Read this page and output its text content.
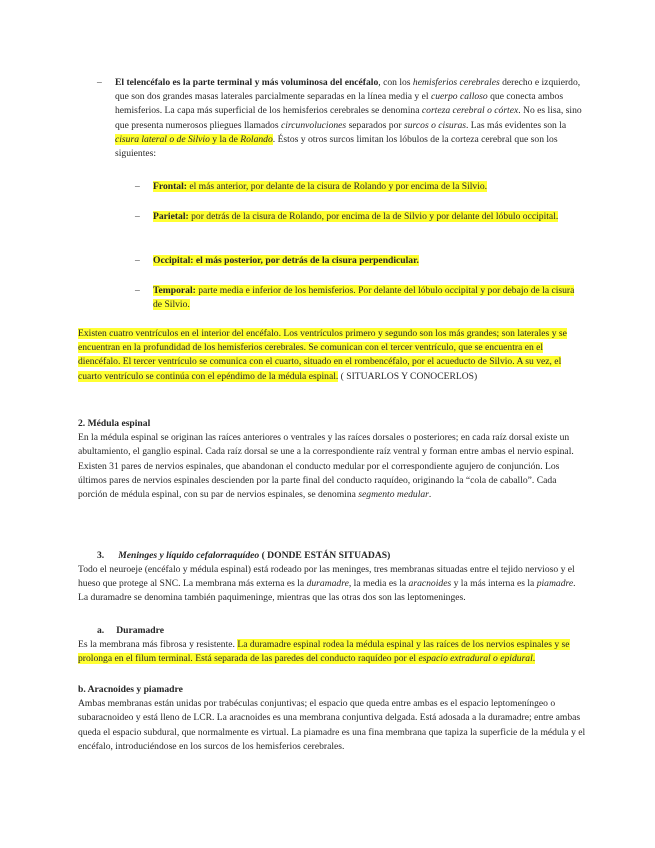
– El telencéfalo es la parte terminal y más voluminosa del encéfalo, con los hemisferios cerebrales derecho e izquierdo, que son dos grandes masas laterales parcialmente separadas en la línea media y el cuerpo calloso que conecta ambos hemisferios. La capa más superficial de los hemisferios cerebrales se denomina corteza cerebral o córtex. No es lisa, sino que presenta numerosos pliegues llamados circunvoluciones separados por surcos o cisuras. Las más evidentes son la cisura lateral o de Silvio y la de Rolando. Éstos y otros surcos limitan los lóbulos de la corteza cerebral que son los siguientes:

– Frontal: el más anterior, por delante de la cisura de Rolando y por encima de la Silvio.

– Parietal: por detrás de la cisura de Rolando, por encima de la de Silvio y por delante del lóbulo occipital.

– Occipital: el más posterior, por detrás de la cisura perpendicular.

– Temporal: parte media e inferior de los hemisferios. Por delante del lóbulo occipital y por debajo de la cisura de Silvio.

Existen cuatro ventrículos en el interior del encéfalo. Los ventrículos primero y segundo son los más grandes; son laterales y se encuentran en la profundidad de los hemisferios cerebrales. Se comunican con el tercer ventrículo, que se encuentra en el diencéfalo. El tercer ventrículo se comunica con el cuarto, situado en el rombencéfalo, por el acueducto de Silvio. A su vez, el cuarto ventrículo se continúa con el epéndimo de la médula espinal. ( SITUARLOS Y CONOCERLOS)

2. Médula espinal

En la médula espinal se originan las raíces anteriores o ventrales y las raíces dorsales o posteriores; en cada raíz dorsal existe un abultamiento, el ganglio espinal. Cada raíz dorsal se une a la correspondiente raíz ventral y forman entre ambas el nervio espinal. Existen 31 pares de nervios espinales, que abandonan el conducto medular por el correspondiente agujero de conjunción. Los últimos pares de nervios espinales descienden por la parte final del conducto raquídeo, originando la “cola de caballo”. Cada porción de médula espinal, con su par de nervios espinales, se denomina segmento medular.

3. Meninges y líquido cefalorraquídeo ( DONDE ESTÁN SITUADAS)

Todo el neuroeje (encéfalo y médula espinal) está rodeado por las meninges, tres membranas situadas entre el tejido nervioso y el hueso que protege al SNC. La membrana más externa es la duramadre, la media es la aracnoides y la más interna es la piamadre. La duramadre se denomina también paquimeninge, mientras que las otras dos son las leptomeninges.

a. Duramadre

Es la membrana más fibrosa y resistente. La duramadre espinal rodea la médula espinal y las raíces de los nervios espinales y se prolonga en el filum terminal. Está separada de las paredes del conducto raquídeo por el espacio extradural o epidural.

b. Aracnoides y piamadre

Ambas membranas están unidas por trabéculas conjuntivas; el espacio que queda entre ambas es el espacio leptomeníngeo o subaracnoideo y está lleno de LCR. La aracnoides es una membrana conjuntiva delgada. Está adosada a la duramadre; entre ambas queda el espacio subdural, que normalmente es virtual. La piamadre es una fina membrana que tapiza la superficie de la médula y el encéfalo, introduciéndose en los surcos de los hemisferios cerebrales.
